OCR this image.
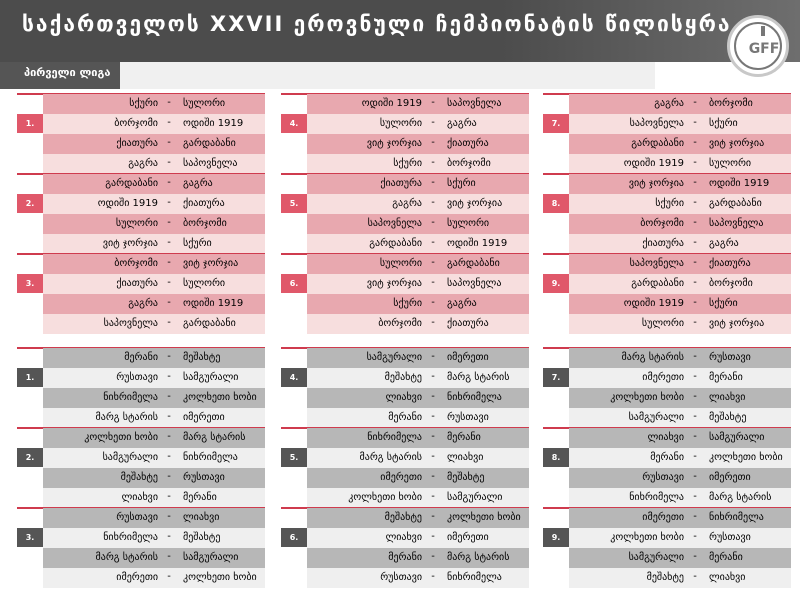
საქართველოს XXVII ეროვნული ჩემპიონატის წილისყრა
პირველი ლიგა
GFF
1.
სქური -	სულორი
ბორჯომი -	ოდიში 1919
ქიათურა -	გარდაბანი
გაგრა -	საპოვნელა
2.
გარდაბანი -	გაგრა
ოდიში 1919 -	ქიათურა
სულორი -	ბორჯომი
ვიტ ჯორჯია -	სქური
3.
ბორჯომი -	ვიტ ჯორჯია
ქიათურა -	სულორი
გაგრა -	ოდიში 1919
საპოვნელა -	გარდაბანი
4.
ოდიში 1919 -	საპოვნელა
სულორი -	გაგრა
ვიტ ჯორჯია -	ქიათურა
სქური -	ბორჯომი
5.
ქიათურა -	სქური
გაგრა -	ვიტ ჯორჯია
საპოვნელა -	სულორი
გარდაბანი -	ოდიში 1919
6.
სულორი -	გარდაბანი
ვიტ ჯორჯია -	საპოვნელა
სქური -	გაგრა
ბორჯომი -	ქიათურა
7.
გაგრა -	ბორჯომი
საპოვნელა -	სქური
გარდაბანი -	ვიტ ჯორჯია
ოდიში 1919 -	სულორი
8.
ვიტ ჯორჯია -	ოდიში 1919
სქური -	გარდაბანი
ბორჯომი -	საპოვნელა
ქიათურა -	გაგრა
9.
საპოვნელა -	ქიათურა
გარდაბანი -	ბორჯომი
ოდიში 1919 -	სქური
სულორი -	ვიტ ჯორჯია
1.
მერანი -	მეშახტე
რუსთავი -	სამგურალი
ნიხრიმელა -	კოლხეთი ხობი
მარგ სტარის -	იმერეთი
2.
კოლხეთი ხობი -	მარგ სტარის
სამგურალი -	ნიხრიმელა
მეშახტე -	რუსთავი
ლიახვი -	მერანი
3.
რუსთავი -	ლიახვი
ნიხრიმელა -	მეშახტე
მარგ სტარის -	სამგურალი
იმერეთი -	კოლხეთი ხობი
4.
სამგურალი -	იმერეთი
მეშახტე -	მარგ სტარის
ლიახვი -	ნიხრიმელა
მერანი -	რუსთავი
5.
ნიხრიმელა -	მერანი
მარგ სტარის -	ლიახვი
იმერეთი -	მეშახტე
კოლხეთი ხობი -	სამგურალი
6.
მეშახტე -	კოლხეთი ხობი
ლიახვი -	იმერეთი
მერანი -	მარგ სტარის
რუსთავი -	ნიხრიმელა
7.
მარგ სტარის -	რუსთავი
იმერეთი -	მერანი
კოლხეთი ხობი -	ლიახვი
სამგურალი -	მეშახტე
8.
ლიახვი -	სამგურალი
მერანი -	კოლხეთი ხობი
რუსთავი -	იმერეთი
ნიხრიმელა -	მარგ სტარის
9.
იმერეთი -	ნიხრიმელა
კოლხეთი ხობი -	რუსთავი
სამგურალი -	მერანი
მეშახტე -	ლიახვი
